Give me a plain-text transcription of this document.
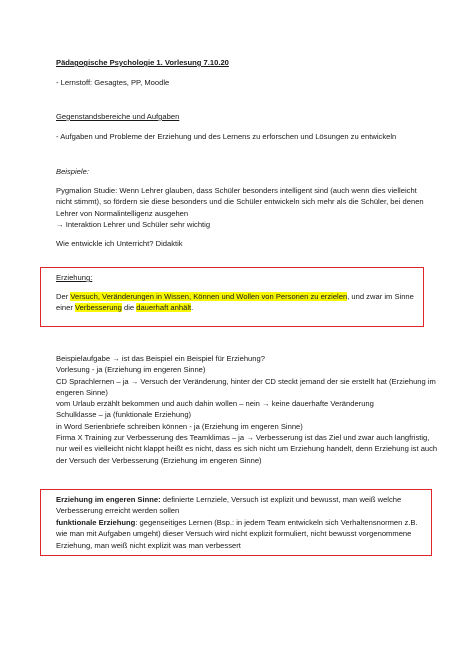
Pädagogische Psychologie 1. Vorlesung 7.10.20

- Lernstoff: Gesagtes, PP, Moodle

Gegenstandsbereiche und Aufgaben

- Aufgaben und Probleme der Erziehung und des Lernens zu erforschen und Lösungen zu entwickeln

Beispiele:

Pygmalion Studie: Wenn Lehrer glauben, dass Schüler besonders intelligent sind (auch wenn dies vielleicht nicht stimmt), so fördern sie diese besonders und die Schüler entwickeln sich mehr als die Schüler, bei denen Lehrer von Normalintelligenz ausgehen

→ Interaktion Lehrer und Schüler sehr wichtig

Wie entwickle ich Unterricht? Didaktik

Erziehung:

Der Versuch, Veränderungen in Wissen, Können und Wollen von Personen zu erzielen, und zwar im Sinne einer Verbesserung die dauerhaft anhält.

Beispielaufgabe → ist das Beispiel ein Beispiel für Erziehung?

Vorlesung - ja (Erziehung im engeren Sinne)

CD Sprachlernen – ja → Versuch der Veränderung, hinter der CD steckt jemand der sie erstellt hat (Erziehung im engeren Sinne)

vom Urlaub erzählt bekommen und auch dahin wollen – nein → keine dauerhafte Veränderung

Schulklasse – ja (funktionale Erziehung)

in Word Serienbriefe schreiben können - ja (Erziehung im engeren Sinne)

Firma X Training zur Verbesserung des Teamklimas – ja → Verbesserung ist das Ziel und zwar auch langfristig, nur weil es vielleicht nicht klappt heißt es nicht, dass es sich nicht um Erziehung handelt, denn Erziehung ist auch der Versuch der Verbesserung (Erziehung im engeren Sinne)

Erziehung im engeren Sinne: definierte Lernziele, Versuch ist explizit und bewusst, man weiß welche Verbesserung erreicht werden sollen

funktionale Erziehung: gegenseitiges Lernen (Bsp.: in jedem Team entwickeln sich Verhaltensnormen z.B. wie man mit Aufgaben umgeht) dieser Versuch wird nicht explizit formuliert, nicht bewusst vorgenommene Erziehung, man weiß nicht explizit was man verbessert
